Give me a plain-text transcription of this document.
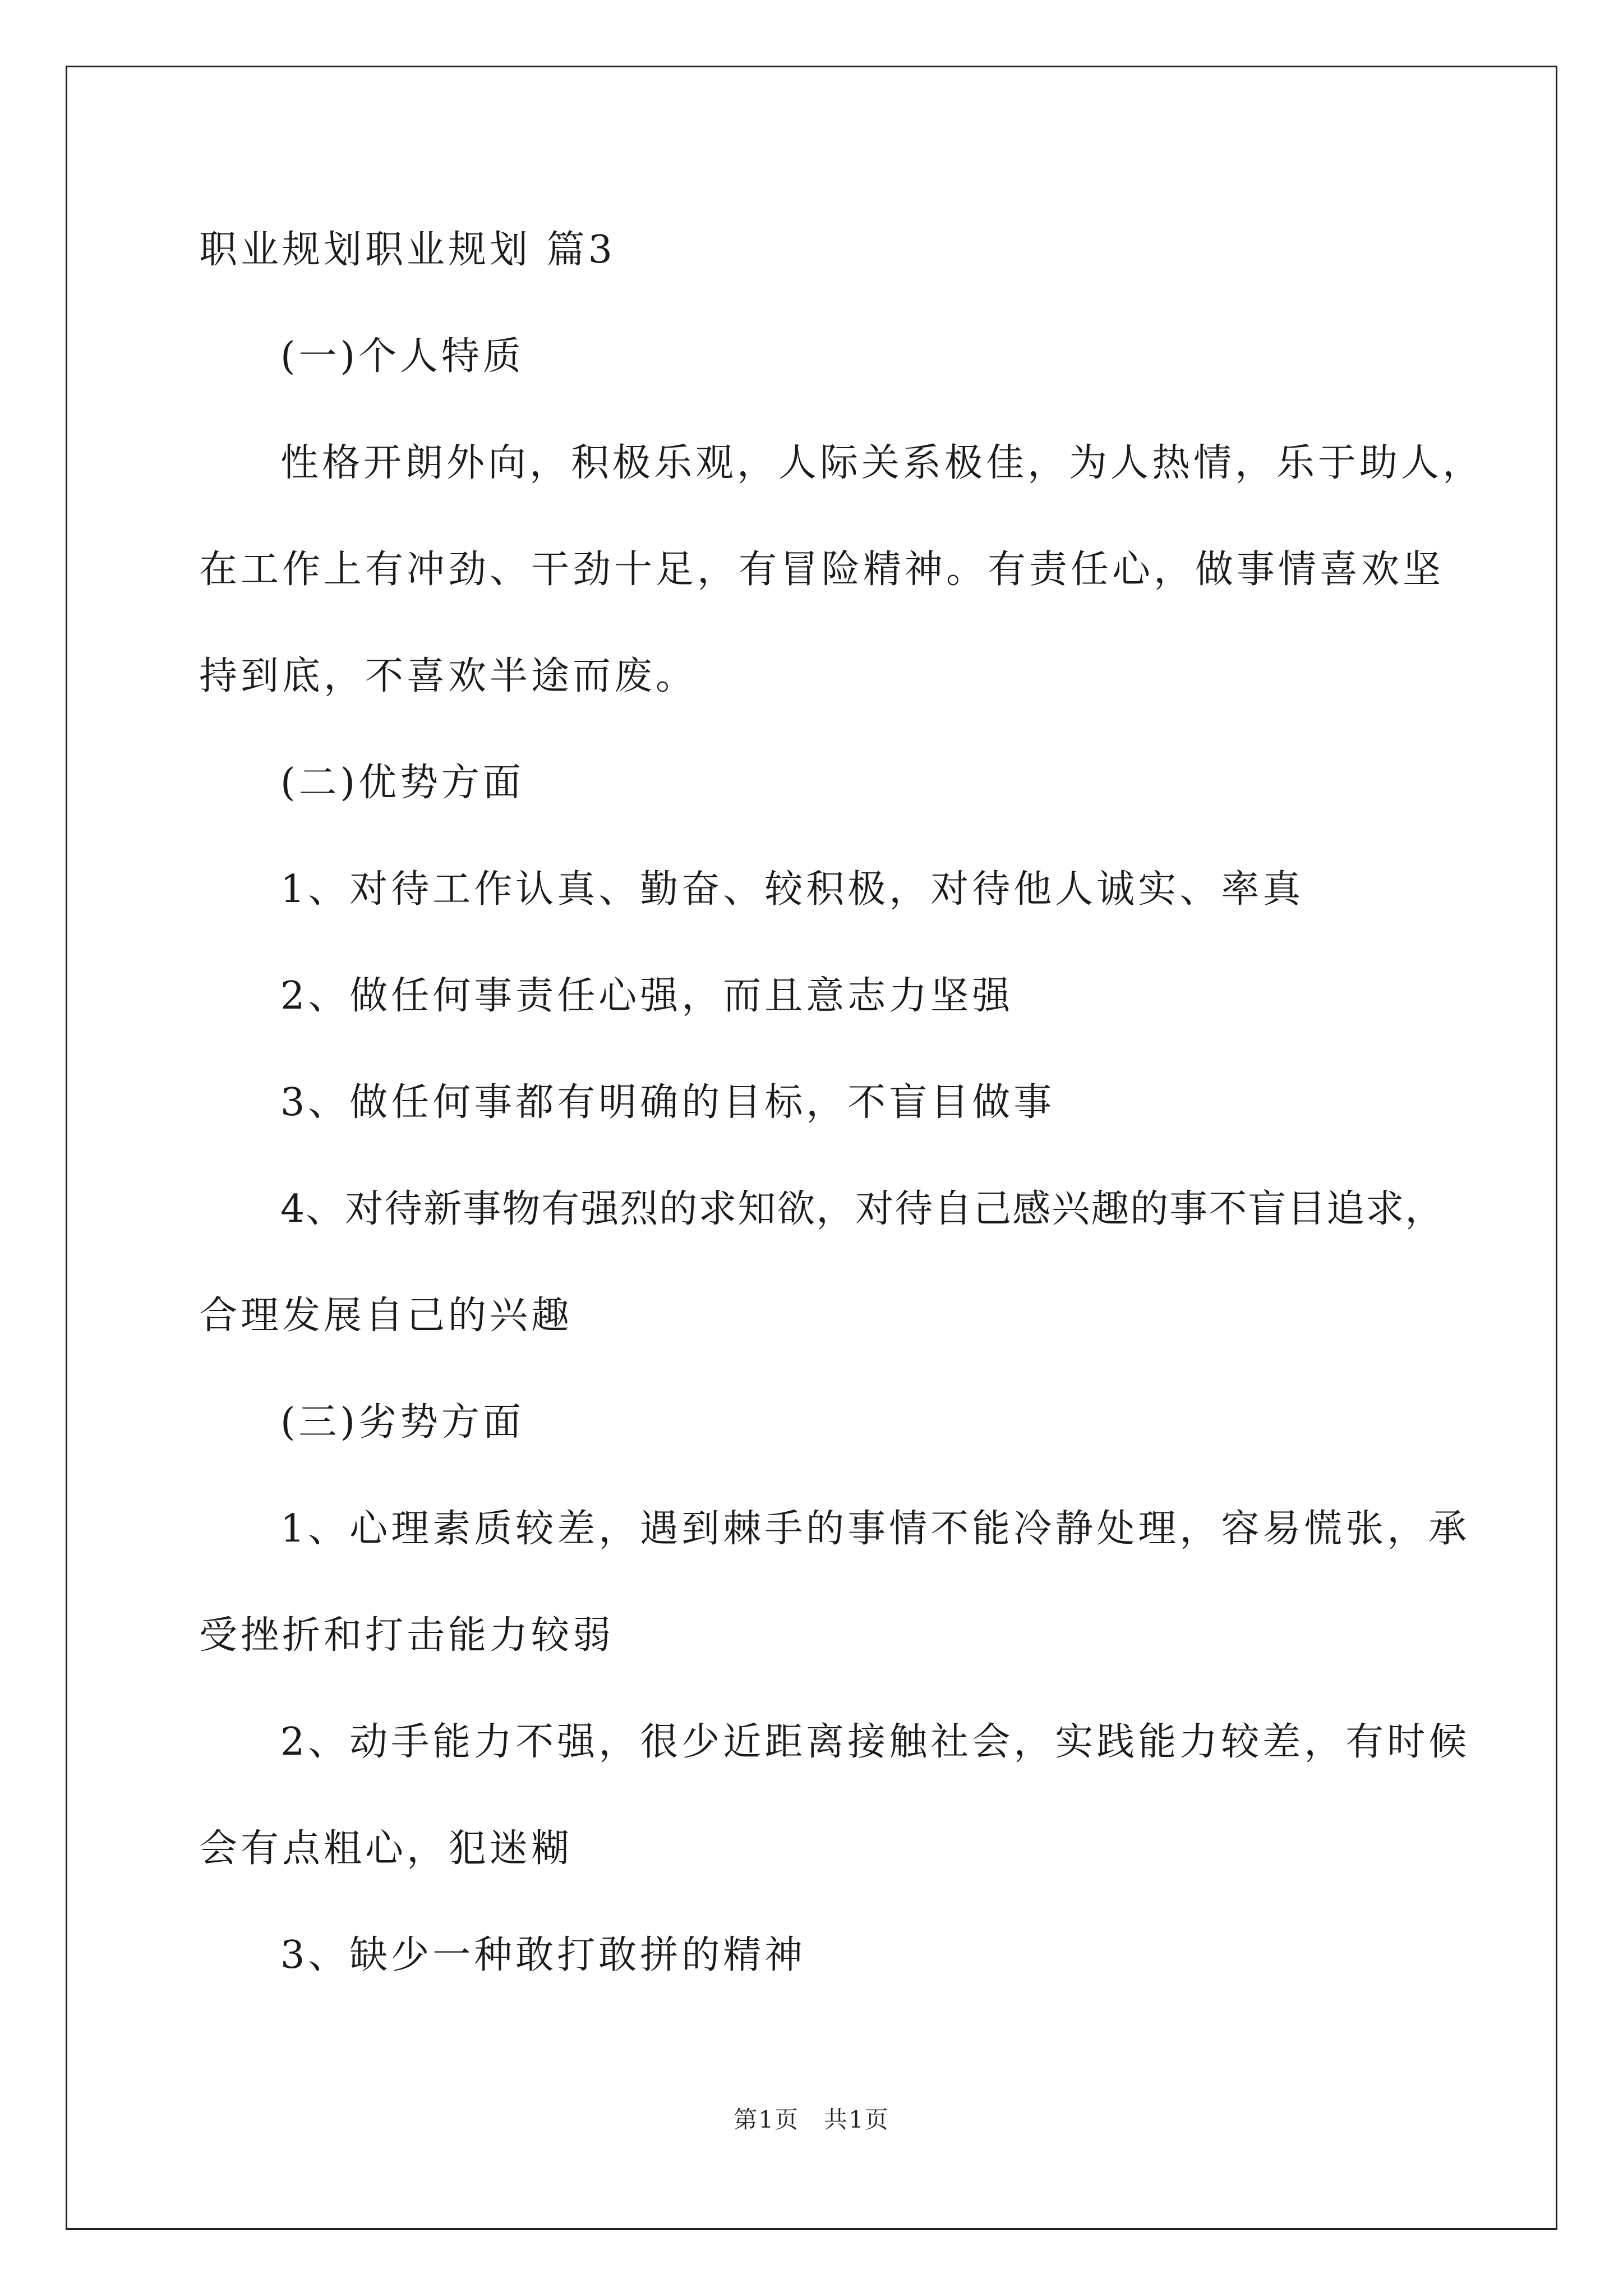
职业规划职业规划 篇3
(一)个人特质
性格开朗外向，积极乐观，人际关系极佳，为人热情，乐于助人，
在工作上有冲劲、干劲十足，有冒险精神。有责任心，做事情喜欢坚
持到底，不喜欢半途而废。
(二)优势方面
1、对待工作认真、勤奋、较积极，对待他人诚实、率真
2、做任何事责任心强，而且意志力坚强
3、做任何事都有明确的目标，不盲目做事
4、对待新事物有强烈的求知欲，对待自己感兴趣的事不盲目追求，
合理发展自己的兴趣
(三)劣势方面
1、心理素质较差，遇到棘手的事情不能冷静处理，容易慌张，承
受挫折和打击能力较弱
2、动手能力不强，很少近距离接触社会，实践能力较差，有时候
会有点粗心，犯迷糊
3、缺少一种敢打敢拼的精神
第1页　共1页
